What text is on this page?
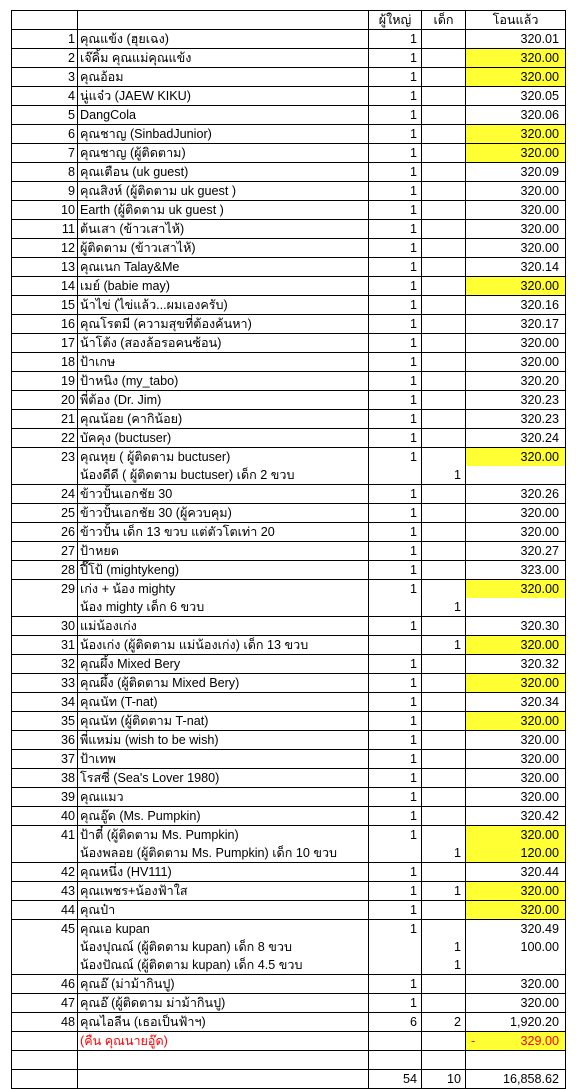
		ผู้ใหญ่	เด็ก	โอนแล้ว
1	คุณแข้ง (ฮุยเฉง)	1		320.01
2	เจ๊คิ้ม คุณแม่คุณแข้ง	1		320.00
3	คุณอ้อม	1		320.00
4	นู่แจ๋ว (JAEW KIKU)	1		320.05
5	DangCola	1		320.06
6	คุณชาญ (SinbadJunior)	1		320.00
7	คุณชาญ (ผู้ติดตาม)	1		320.00
8	คุณเตือน (uk guest)	1		320.09
9	คุณสิงห์ (ผู้ติดตาม uk guest )	1		320.00
10	Earth (ผู้ติดตาม uk guest )	1		320.00
11	ต้นเสา (ข้าวเสาไห้)	1		320.00
12	ผู้ติดตาม (ข้าวเสาไห้)	1		320.00
13	คุณเนก Talay&Me	1		320.14
14	เมย์ (babie may)	1		320.00
15	น้าไข่ (ไข่แล้ว...ผมเองครับ)	1		320.16
16	คุณโรตมี (ความสุขที่ต้องค้นหา)	1		320.17
17	น้าโต้ง (สองล้อรอคนซ้อน)	1		320.00
18	ป้าเกษ	1		320.00
19	ป้าหนิง (my_tabo)	1		320.20
20	พี่ต้อง (Dr. Jim)	1		320.23
21	คุณน้อย (คากิน้อย)	1		320.23
22	บัคคุง (buctuser)	1		320.24
23	คุณหุย ( ผู้ติดตาม buctuser)	1		320.00
	น้องดีดี ( ผู้ติดตาม buctuser) เด็ก 2 ขวบ		1	
24	ข้าวปั้นเอกชัย 30	1		320.26
25	ข้าวปั้นเอกชัย 30 (ผู้ควบคุม)	1		320.00
26	ข้าวปั้น เด็ก 13 ขวบ แต่ตัวโตเท่า 20	1		320.00
27	ป้าหยด	1		320.27
28	ปี๊โป้ (mightykeng)	1		323.00
29	เก่ง + น้อง mighty	1		320.00
	น้อง mighty เด็ก 6 ขวบ		1	
30	แม่น้องเก่ง	1		320.30
31	น้องเก่ง (ผู้ติดตาม แม่น้องเก่ง) เด็ก 13 ขวบ		1	320.00
32	คุณผึ้ง Mixed Bery	1		320.32
33	คุณผึ้ง (ผู้ติดตาม Mixed Bery)	1		320.00
34	คุณนัท (T-nat)	1		320.34
35	คุณนัท (ผู้ติดตาม T-nat)	1		320.00
36	พี่แหม่ม (wish to be wish)	1		320.00
37	ป้าเทพ	1		320.00
38	โรสซี่ (Sea's Lover 1980)	1		320.00
39	คุณแมว	1		320.00
40	คุณอู๊ด (Ms. Pumpkin)	1		320.42
41	ป้าตี๋ (ผู้ติดตาม Ms. Pumpkin)	1		320.00
	น้องพลอย (ผู้ติดตาม Ms. Pumpkin) เด็ก 10 ขวบ		1	120.00
42	คุณหนึ่ง (HV111)	1		320.44
43	คุณเพชร+น้องฟ้าใส	1	1	320.00
44	คุณป๋า	1		320.00
45	คุณเอ kupan	1		320.49
	น้องปุณณ์ (ผู้ติดตาม kupan) เด็ก 8 ขวบ		1	100.00
	น้องปัณณ์ (ผู้ติดตาม kupan) เด็ก 4.5 ขวบ		1	
46	คุณอ๊ (ม่าม้ากินปู)	1		320.00
47	คุณอ๊ (ผู้ติดตาม ม่าม้ากินปู)	1		320.00
48	คุณไอลีน (เธอเป็นฟ้าฯ)	6	2	1,920.20
	(คืน คุณนายอู๊ด)			- 329.00

		54	10	16,858.62
